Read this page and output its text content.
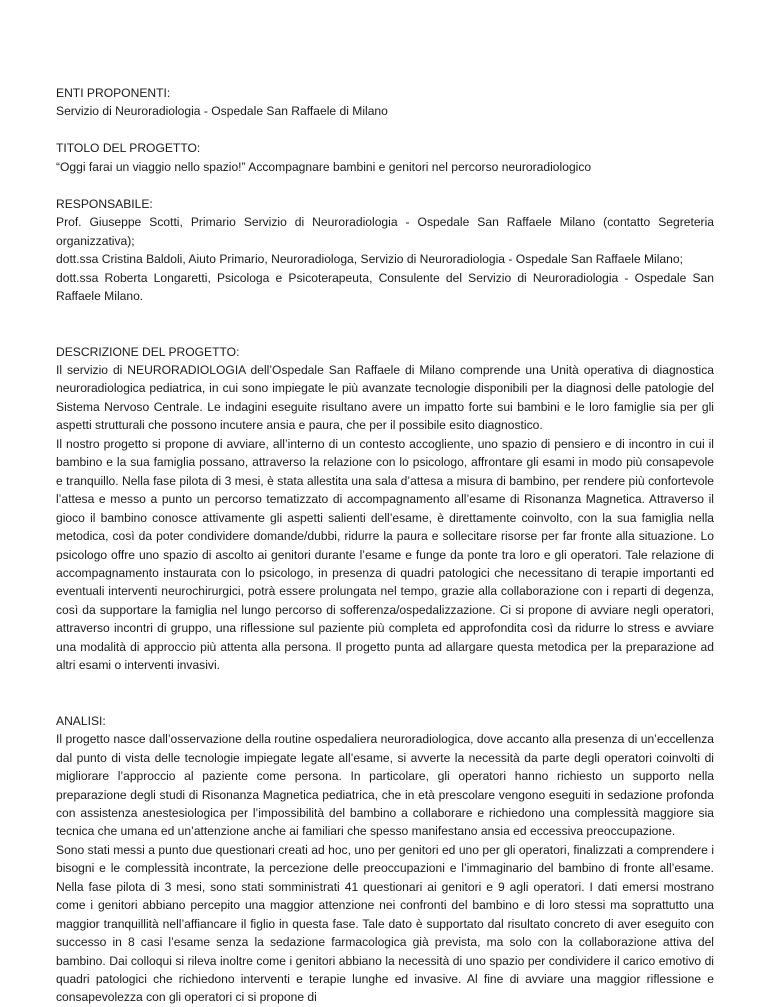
ENTI PROPONENTI:
Servizio di Neuroradiologia - Ospedale San Raffaele di Milano
TITOLO DEL PROGETTO:
“Oggi farai un viaggio nello spazio!” Accompagnare bambini e genitori nel percorso neuroradiologico
RESPONSABILE:

Prof. Giuseppe Scotti, Primario Servizio di Neuroradiologia - Ospedale San Raffaele Milano (contatto Segreteria organizzativa);

dott.ssa Cristina Baldoli, Aiuto Primario, Neuroradiologa, Servizio di Neuroradiologia - Ospedale San Raffaele Milano;

dott.ssa Roberta Longaretti, Psicologa e Psicoterapeuta, Consulente del Servizio di Neuroradiologia - Ospedale San Raffaele Milano.

DESCRIZIONE DEL PROGETTO:

Il servizio di NEURORADIOLOGIA dell’Ospedale San Raffaele di Milano comprende una Unità operativa di diagnostica neuroradiologica pediatrica, in cui sono impiegate le più avanzate tecnologie disponibili per la diagnosi delle patologie del Sistema Nervoso Centrale. Le indagini eseguite risultano avere un impatto forte sui bambini e le loro famiglie sia per gli aspetti strutturali che possono incutere ansia e paura, che per il possibile esito diagnostico.

Il nostro progetto si propone di avviare, all’interno di un contesto accogliente, uno spazio di pensiero e di incontro in cui il bambino e la sua famiglia possano, attraverso la relazione con lo psicologo, affrontare gli esami in modo più consapevole e tranquillo. Nella fase pilota di 3 mesi, è stata allestita una sala d’attesa a misura di bambino, per rendere più confortevole l’attesa e messo a punto un percorso tematizzato di accompagnamento all’esame di Risonanza Magnetica. Attraverso il gioco il bambino conosce attivamente gli aspetti salienti dell’esame, è direttamente coinvolto, con la sua famiglia nella metodica, così da poter condividere domande/dubbi, ridurre la paura e sollecitare risorse per far fronte alla situazione. Lo psicologo offre uno spazio di ascolto ai genitori durante l’esame e funge da ponte tra loro e gli operatori. Tale relazione di accompagnamento instaurata con lo psicologo, in presenza di quadri patologici che necessitano di terapie importanti ed eventuali interventi neurochirurgici, potrà essere prolungata nel tempo, grazie alla collaborazione con i reparti di degenza, così da supportare la famiglia nel lungo percorso di sofferenza/ospedalizzazione. Ci si propone di avviare negli operatori, attraverso incontri di gruppo, una riflessione sul paziente più completa ed approfondita così da ridurre lo stress e avviare una modalità di approccio più attenta alla persona. Il progetto punta ad allargare questa metodica per la preparazione ad altri esami o interventi invasivi.

ANALISI:

Il progetto nasce dall’osservazione della routine ospedaliera neuroradiologica, dove accanto alla presenza di un’eccellenza dal punto di vista delle tecnologie impiegate legate all’esame, si avverte la necessità da parte degli operatori coinvolti di migliorare l’approccio al paziente come persona. In particolare, gli operatori hanno richiesto un supporto nella preparazione degli studi di Risonanza Magnetica pediatrica, che in età prescolare vengono eseguiti in sedazione profonda con assistenza anestesiologica per l’impossibilità del bambino a collaborare e richiedono una complessità maggiore sia tecnica che umana ed un’attenzione anche ai familiari che spesso manifestano ansia ed eccessiva preoccupazione.

Sono stati messi a punto due questionari creati ad hoc, uno per genitori ed uno per gli operatori, finalizzati a comprendere i bisogni e le complessità incontrate, la percezione delle preoccupazioni e l’immaginario del bambino di fronte all’esame. Nella fase pilota di 3 mesi, sono stati somministrati 41 questionari ai genitori e 9 agli operatori. I dati emersi mostrano come i genitori abbiano percepito una maggior attenzione nei confronti del bambino e di loro stessi ma soprattutto una maggior tranquillità nell’affiancare il figlio in questa fase. Tale dato è supportato dal risultato concreto di aver eseguito con successo in 8 casi l’esame senza la sedazione farmacologica già prevista, ma solo con la collaborazione attiva del bambino. Dai colloqui si rileva inoltre come i genitori abbiano la necessità di uno spazio per condividere il carico emotivo di quadri patologici che richiedono interventi e terapie lunghe ed invasive. Al fine di avviare una maggior riflessione e consapevolezza con gli operatori ci si propone di
